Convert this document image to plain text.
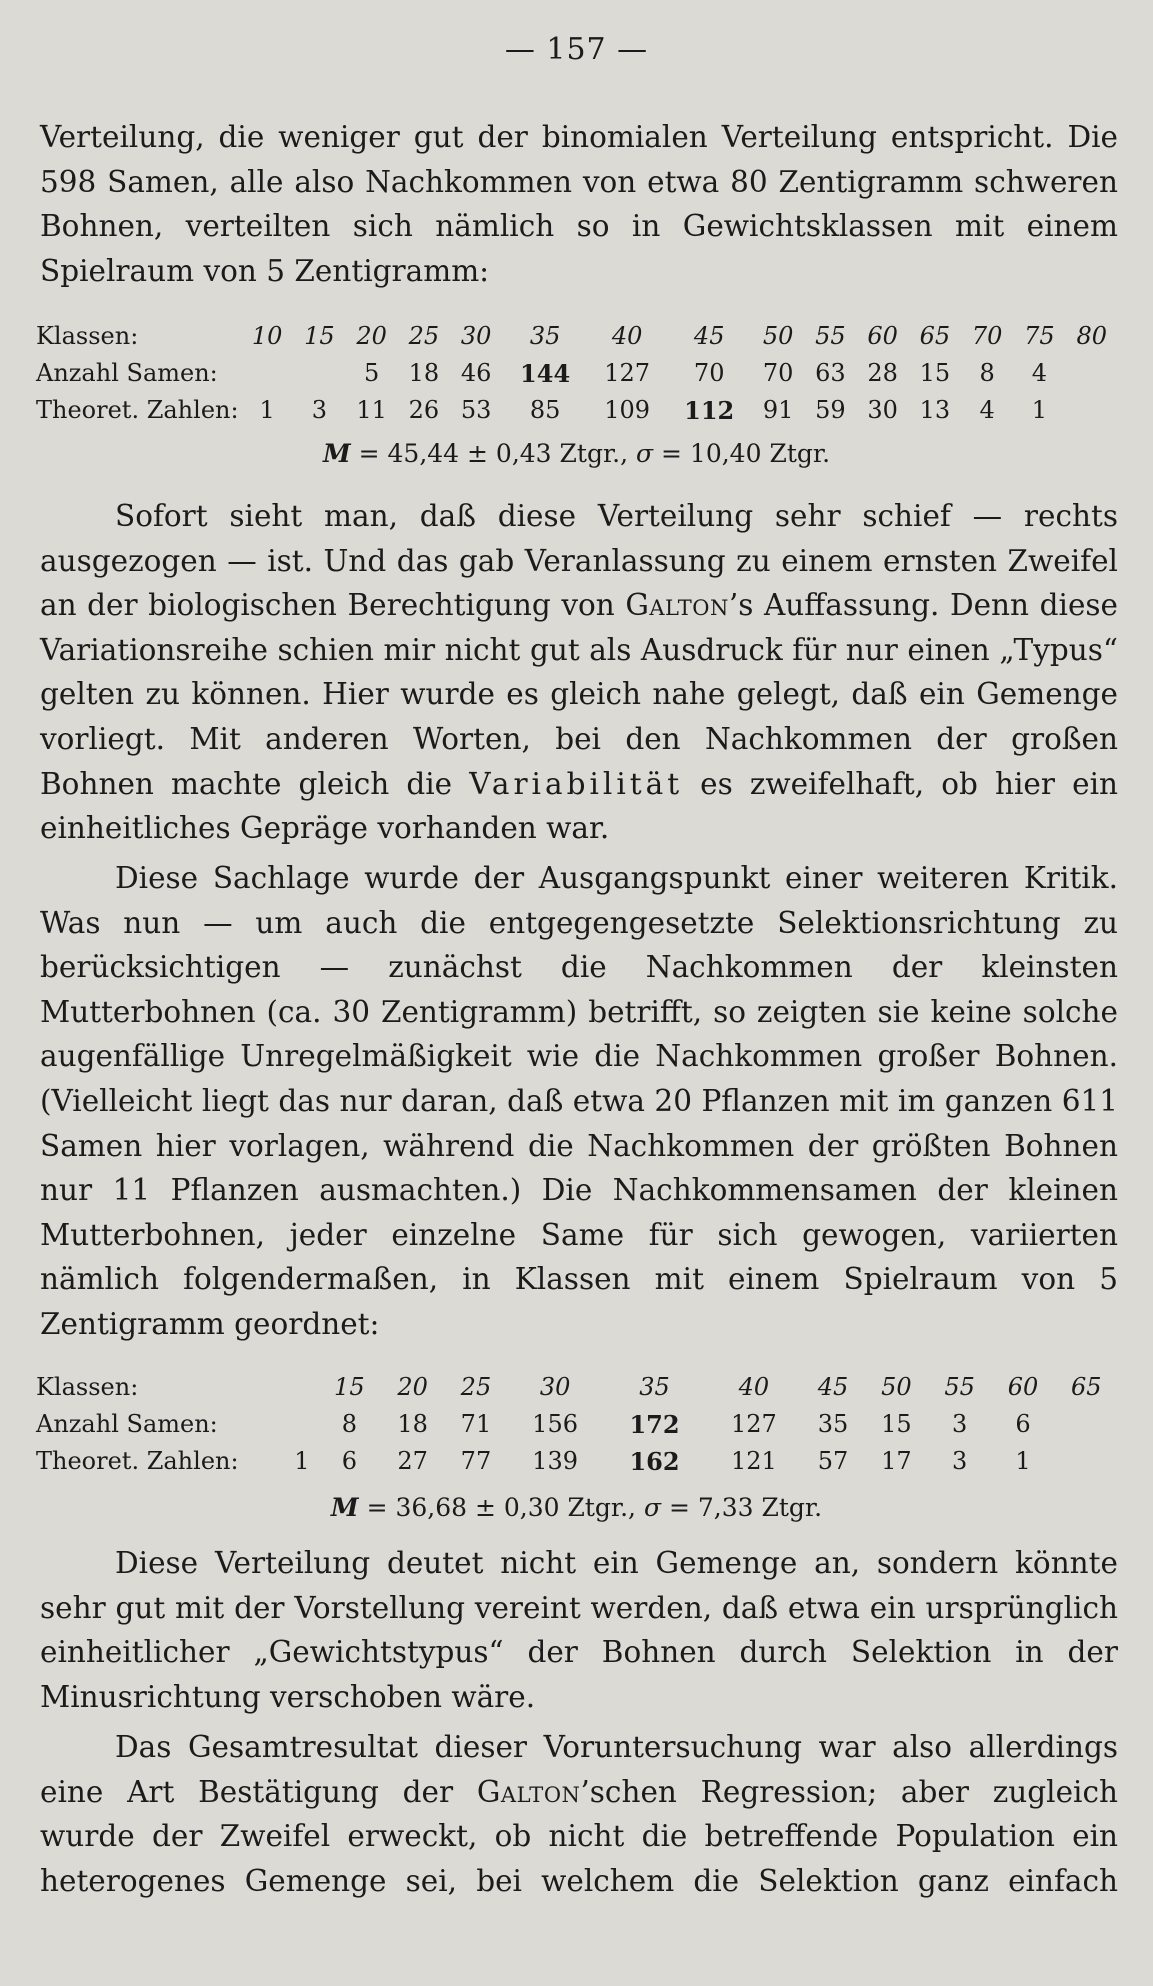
— 157 —

Verteilung, die weniger gut der binomialen Verteilung entspricht. Die 598 Samen, alle also Nachkommen von etwa 80 Zentigramm schweren Bohnen, verteilten sich nämlich so in Gewichtsklassen mit einem Spielraum von 5 Zentigramm:

Klassen:	10	15	20	25	30	35	40	45	50	55	60	65	70	75	80
Anzahl Samen:			5	18	46	144	127	70	70	63	28	15	8	4	
Theoret. Zahlen:	1	3	11	26	53	85	109	112	91	59	30	13	4	1	
M = 45,44 ± 0,43 Ztgr., σ = 10,40 Ztgr.

Sofort sieht man, daß diese Verteilung sehr schief — rechts ausgezogen — ist. Und das gab Veranlassung zu einem ernsten Zweifel an der biologischen Berechtigung von Galton’s Auffassung. Denn diese Variationsreihe schien mir nicht gut als Ausdruck für nur einen „Typus“ gelten zu können. Hier wurde es gleich nahe gelegt, daß ein Gemenge vorliegt. Mit anderen Worten, bei den Nachkommen der großen Bohnen machte gleich die Variabilität es zweifelhaft, ob hier ein einheitliches Gepräge vorhanden war.

Diese Sachlage wurde der Ausgangspunkt einer weiteren Kritik. Was nun — um auch die entgegengesetzte Selektionsrichtung zu berücksichtigen — zunächst die Nachkommen der kleinsten Mutterbohnen (ca. 30 Zentigramm) betrifft, so zeigten sie keine solche augenfällige Unregelmäßigkeit wie die Nachkommen großer Bohnen. (Vielleicht liegt das nur daran, daß etwa 20 Pflanzen mit im ganzen 611 Samen hier vorlagen, während die Nachkommen der größten Bohnen nur 11 Pflanzen ausmachten.) Die Nachkommensamen der kleinen Mutterbohnen, jeder einzelne Same für sich gewogen, variierten nämlich folgendermaßen, in Klassen mit einem Spielraum von 5 Zentigramm geordnet:

Klassen:		15	20	25	30	35	40	45	50	55	60	65
Anzahl Samen:		8	18	71	156	172	127	35	15	3	6	
Theoret. Zahlen:	1	6	27	77	139	162	121	57	17	3	1	
M = 36,68 ± 0,30 Ztgr., σ = 7,33 Ztgr.

Diese Verteilung deutet nicht ein Gemenge an, sondern könnte sehr gut mit der Vorstellung vereint werden, daß etwa ein ursprünglich einheitlicher „Gewichtstypus“ der Bohnen durch Selektion in der Minusrichtung verschoben wäre.

Das Gesamtresultat dieser Voruntersuchung war also allerdings eine Art Bestätigung der Galton’schen Regression; aber zugleich wurde der Zweifel erweckt, ob nicht die betreffende Population ein heterogenes Gemenge sei, bei welchem die Selektion ganz einfach
